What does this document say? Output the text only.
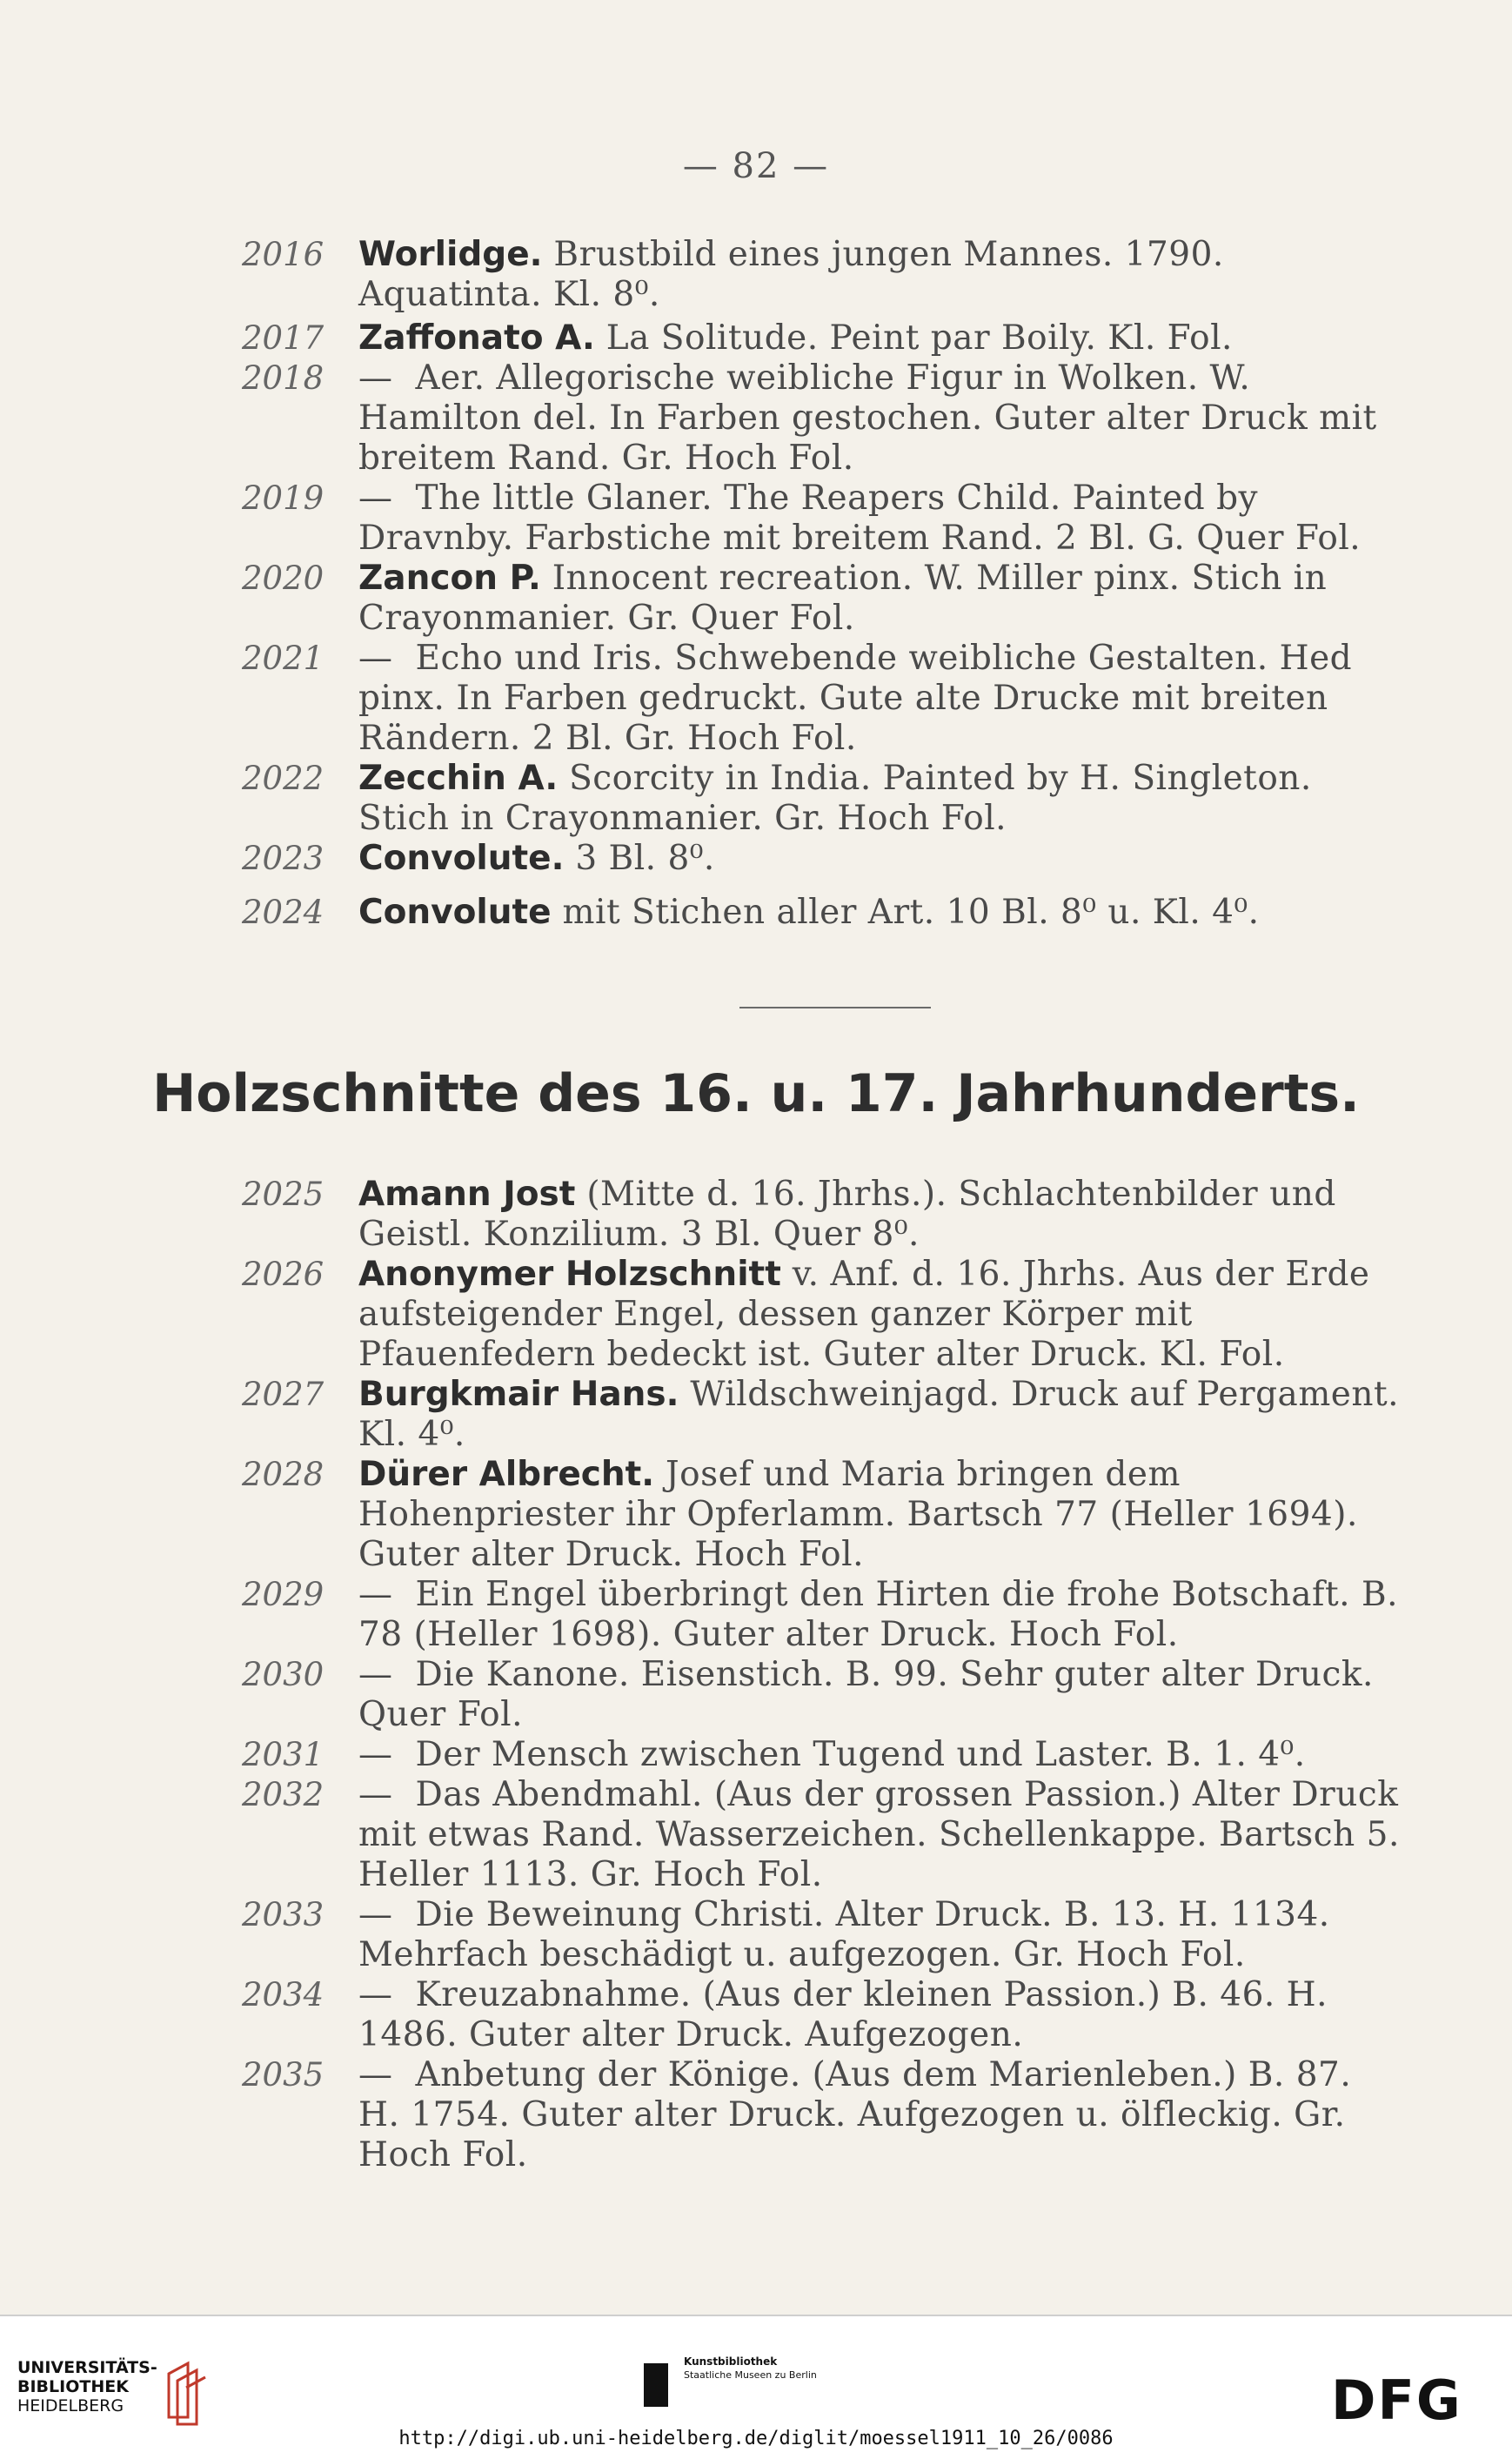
— 82 —
2016 Worlidge. Brustbild eines jungen Mannes. 1790. Aquatinta. Kl. 8⁰.
2017 Zaffonato A. La Solitude. Peint par Boily. Kl. Fol.
2018 — Aer. Allegorische weibliche Figur in Wolken. W. Hamilton del. In Farben gestochen. Guter alter Druck mit breitem Rand. Gr. Hoch Fol.
2019 — The little Glaner. The Reapers Child. Painted by Dravnby. Farbstiche mit breitem Rand. 2 Bl. G. Quer Fol.
2020 Zancon P. Innocent recreation. W. Miller pinx. Stich in Crayonmanier. Gr. Quer Fol.
2021 — Echo und Iris. Schwebende weibliche Gestalten. Hed pinx. In Farben gedruckt. Gute alte Drucke mit breiten Rändern. 2 Bl. Gr. Hoch Fol.
2022 Zecchin A. Scorcity in India. Painted by H. Singleton. Stich in Crayonmanier. Gr. Hoch Fol.
2023 Convolute. 3 Bl. 8⁰.
2024 Convolute mit Stichen aller Art. 10 Bl. 8⁰ u. Kl. 4⁰.
Holzschnitte des 16. u. 17. Jahrhunderts.
2025 Amann Jost (Mitte d. 16. Jhrhs.). Schlachtenbilder und Geistl. Konzilium. 3 Bl. Quer 8⁰.
2026 Anonymer Holzschnitt v. Anf. d. 16. Jhrhs. Aus der Erde aufsteigender Engel, dessen ganzer Körper mit Pfauenfedern bedeckt ist. Guter alter Druck. Kl. Fol.
2027 Burgkmair Hans. Wildschweinjagd. Druck auf Pergament. Kl. 4⁰.
2028 Dürer Albrecht. Josef und Maria bringen dem Hohenpriester ihr Opferlamm. Bartsch 77 (Heller 1694). Guter alter Druck. Hoch Fol.
2029 — Ein Engel überbringt den Hirten die frohe Botschaft. B. 78 (Heller 1698). Guter alter Druck. Hoch Fol.
2030 — Die Kanone. Eisenstich. B. 99. Sehr guter alter Druck. Quer Fol.
2031 — Der Mensch zwischen Tugend und Laster. B. 1. 4⁰.
2032 — Das Abendmahl. (Aus der grossen Passion.) Alter Druck mit etwas Rand. Wasserzeichen. Schellenkappe. Bartsch 5. Heller 1113. Gr. Hoch Fol.
2033 — Die Beweinung Christi. Alter Druck. B. 13. H. 1134. Mehrfach beschädigt u. aufgezogen. Gr. Hoch Fol.
2034 — Kreuzabnahme. (Aus der kleinen Passion.) B. 46. H. 1486. Guter alter Druck. Aufgezogen.
2035 — Anbetung der Könige. (Aus dem Marienleben.) B. 87. H. 1754. Guter alter Druck. Aufgezogen u. ölfleckig. Gr. Hoch Fol.
UNIVERSITÄTS-
BIBLIOTHEK
HEIDELBERG
Kunstbibliothek
Staatliche Museen zu Berlin	DFG
http://digi.ub.uni-heidelberg.de/diglit/moessel1911_10_26/0086
